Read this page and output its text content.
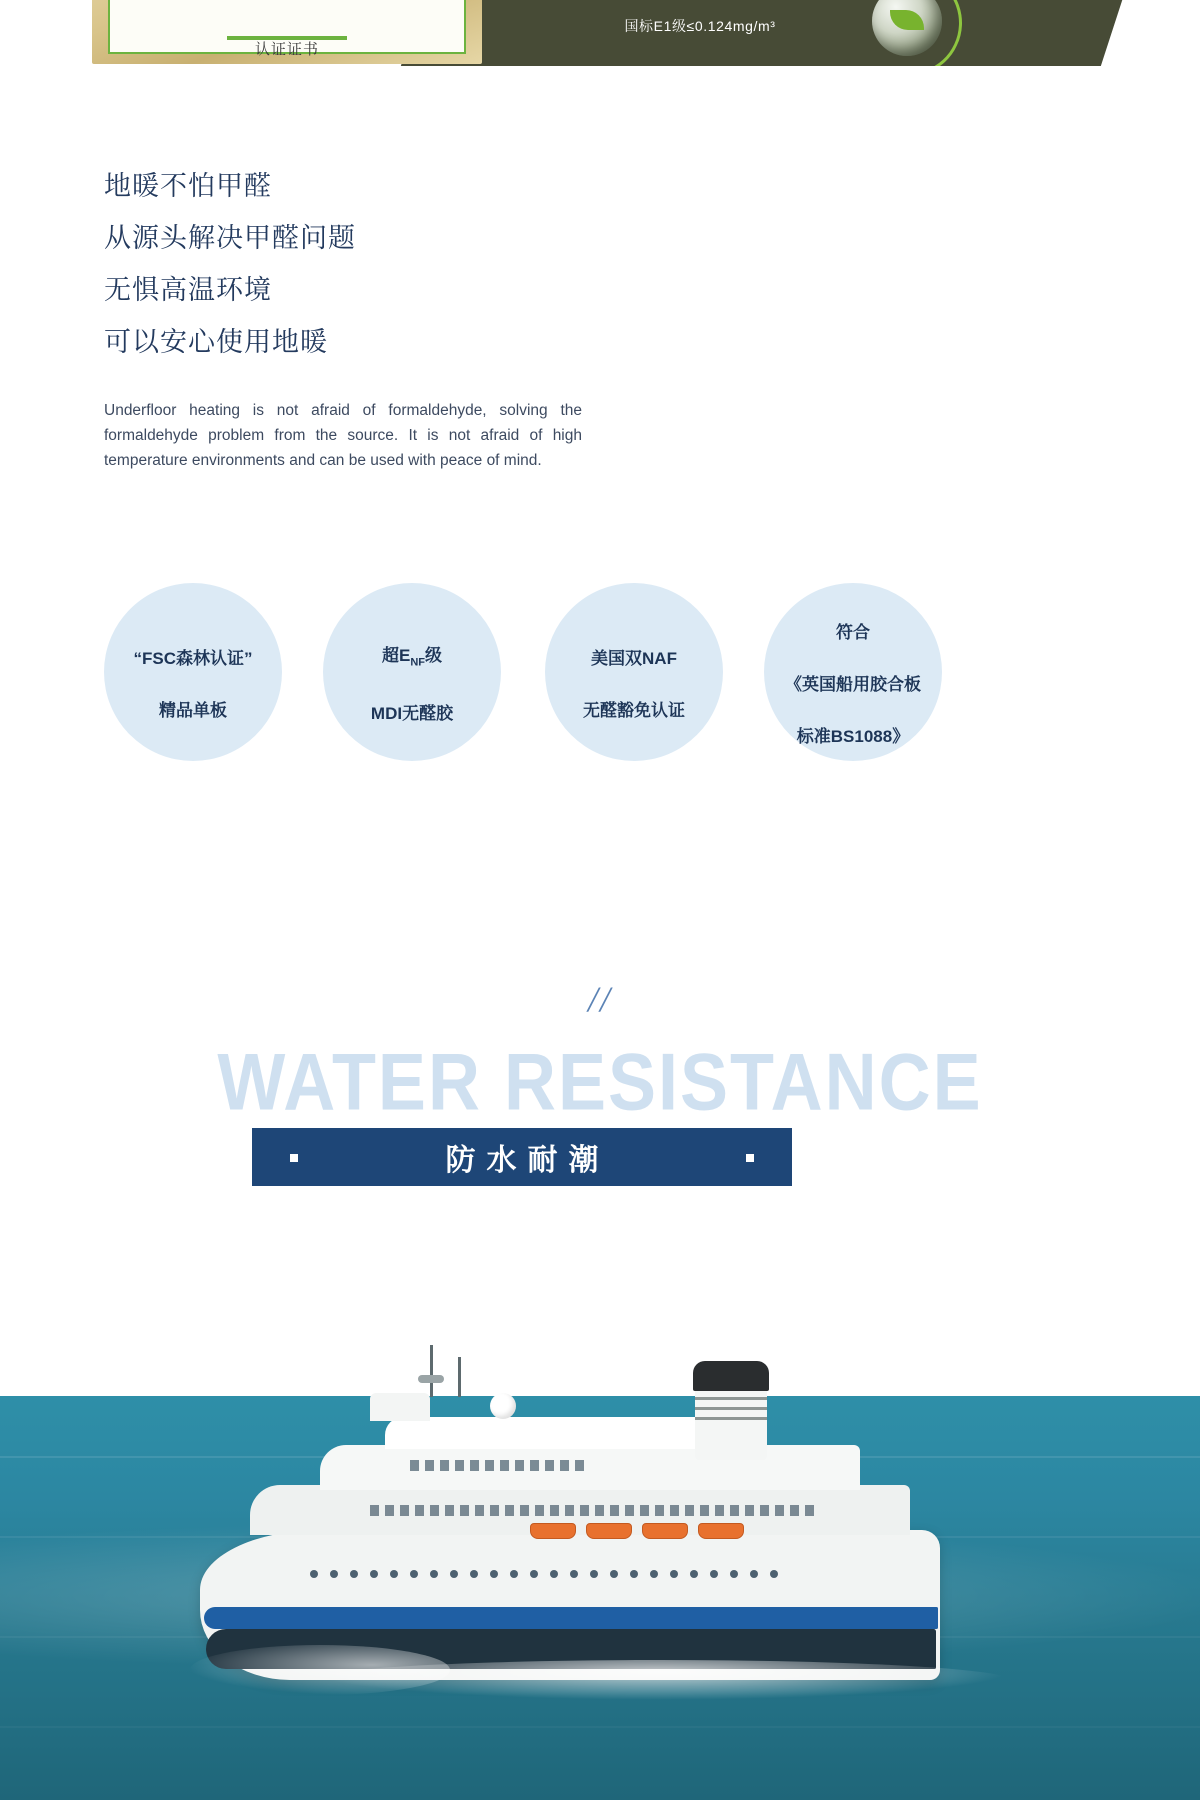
认证证书
国标E1级≤0.124mg/m³
地暖不怕甲醛
从源头解决甲醛问题
无惧高温环境
可以安心使用地暖
Underfloor heating is not afraid of formaldehyde, solving the formaldehyde problem from the source. It is not afraid of high temperature environments and can be used with peace of mind.

“FSC森林认证”

精品单板

超$E_{NF}$级

MDI无醛胶

美国双NAF

无醛豁免认证

符合

《英国船用胶合板

标准BS1088》

//
WATER RESISTANCE
防水耐潮
